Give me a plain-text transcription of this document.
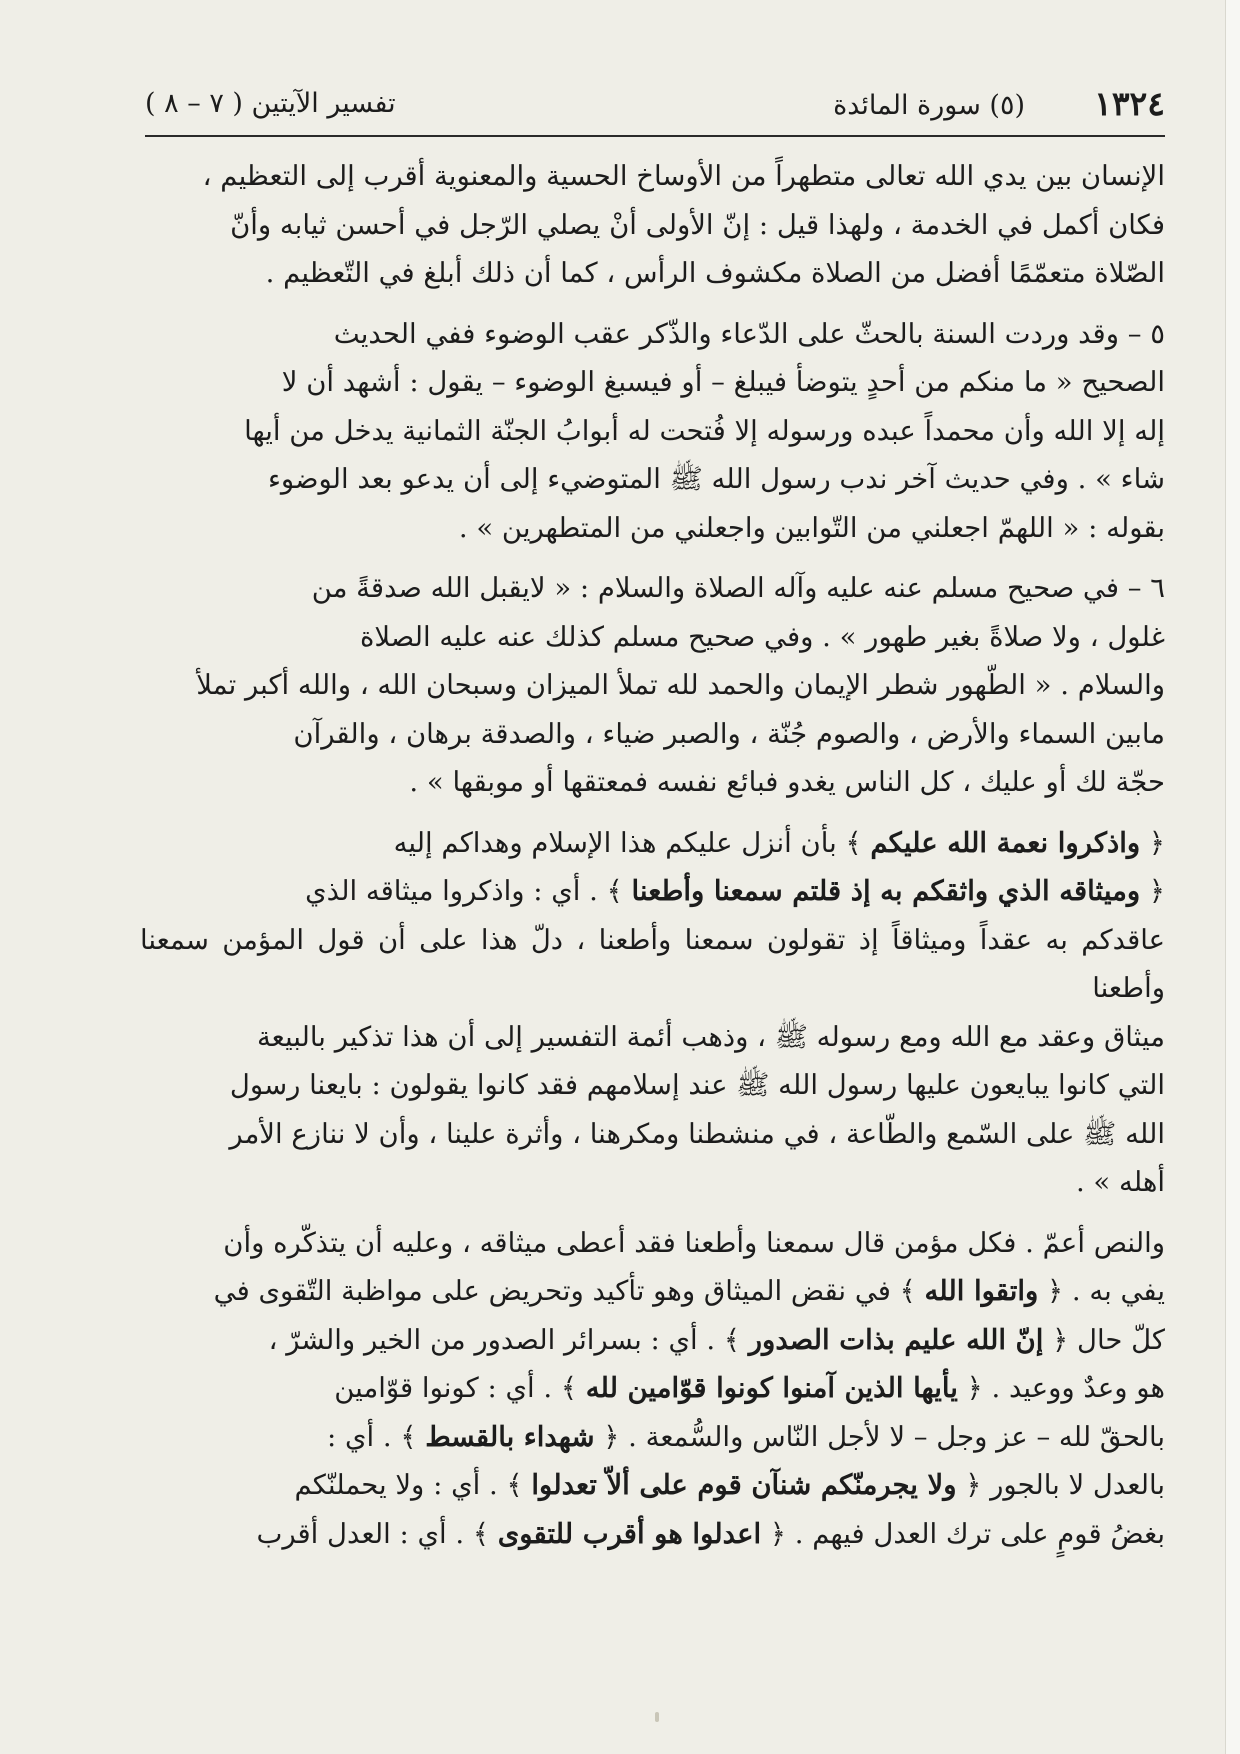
١٣٢٤
(٥) سورة المائدة
تفسير الآيتين ( ٧ – ٨ )

الإنسان بين يدي الله تعالى متطهراً من الأوساخ الحسية والمعنوية أقرب إلى التعظيم ،

فكان أكمل في الخدمة ، ولهذا قيل : إنّ الأولى أنْ يصلي الرّجل في أحسن ثيابه وأنّ

الصّلاة متعمّمًا أفضل من الصلاة مكشوف الرأس ، كما أن ذلك أبلغ في التّعظيم .

٥ – وقد وردت السنة بالحثّ على الدّعاء والذّكر عقب الوضوء ففي الحديث

الصحيح « ما منكم من أحدٍ يتوضأ فيبلغ – أو فيسبغ الوضوء – يقول : أشهد أن لا

إله إلا الله وأن محمداً عبده ورسوله إلا فُتحت له أبوابُ الجنّة الثمانية يدخل من أيها

شاء » . وفي حديث آخر ندب رسول الله ﷺ المتوضيء إلى أن يدعو بعد الوضوء

بقوله : « اللهمّ اجعلني من التّوابين واجعلني من المتطهرين » .

٦ – في صحيح مسلم عنه عليه وآله الصلاة والسلام : « لايقبل الله صدقةً من

غلول ، ولا صلاةً بغير طهور » . وفي صحيح مسلم كذلك عنه عليه الصلاة

والسلام . « الطّهور شطر الإيمان والحمد لله تملأ الميزان وسبحان الله ، والله أكبر تملأ

مابين السماء والأرض ، والصوم جُنّة ، والصبر ضياء ، والصدقة برهان ، والقرآن

حجّة لك أو عليك ، كل الناس يغدو فبائع نفسه فمعتقها أو موبقها » .

﴿ واذكروا نعمة الله عليكم ﴾ بأن أنزل عليكم هذا الإسلام وهداكم إليه

﴿ وميثاقه الذي واثقكم به إذ قلتم سمعنا وأطعنا ﴾ . أي : واذكروا ميثاقه الذي

عاقدكم به عقداً وميثاقاً إذ تقولون سمعنا وأطعنا ، دلّ هذا على أن قول المؤمن سمعنا وأطعنا

ميثاق وعقد مع الله ومع رسوله ﷺ ، وذهب أئمة التفسير إلى أن هذا تذكير بالبيعة

التي كانوا يبايعون عليها رسول الله ﷺ عند إسلامهم فقد كانوا يقولون : بايعنا رسول

الله ﷺ على السّمع والطّاعة ، في منشطنا ومكرهنا ، وأثرة علينا ، وأن لا ننازع الأمر

أهله » .

والنص أعمّ . فكل مؤمن قال سمعنا وأطعنا فقد أعطى ميثاقه ، وعليه أن يتذكّره وأن

يفي به . ﴿ واتقوا الله ﴾ في نقض الميثاق وهو تأكيد وتحريض على مواظبة التّقوى في

كلّ حال ﴿ إنّ الله عليم بذات الصدور ﴾ . أي : بسرائر الصدور من الخير والشرّ ،

هو وعدٌ ووعيد . ﴿ يأيها الذين آمنوا كونوا قوّامين لله ﴾ . أي : كونوا قوّامين

بالحقّ لله – عز وجل – لا لأجل النّاس والسُّمعة . ﴿ شهداء بالقسط ﴾ . أي :

بالعدل لا بالجور ﴿ ولا يجرمنّكم شنآن قوم على ألاّ تعدلوا ﴾ . أي : ولا يحملنّكم

بغضُ قومٍ على ترك العدل فيهم . ﴿ اعدلوا هو أقرب للتقوى ﴾ . أي : العدل أقرب
